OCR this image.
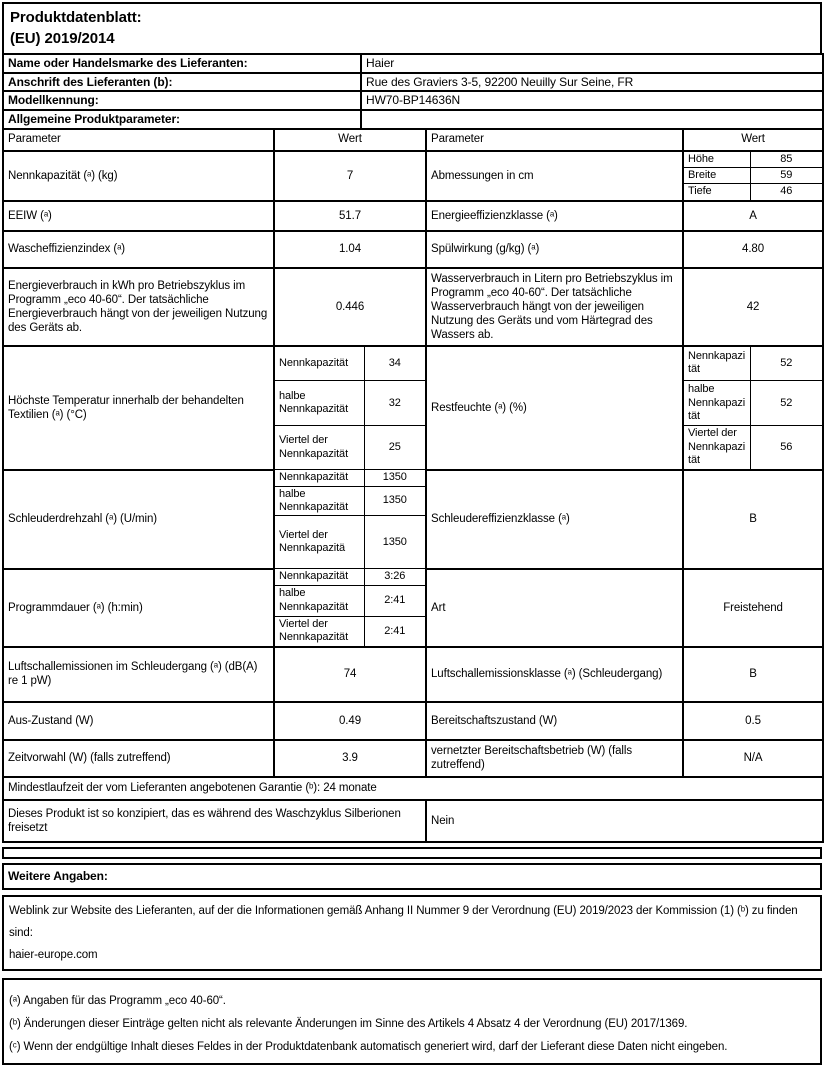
Produktdatenblatt:
(EU) 2019/2014
Name oder Handelsmarke des Lieferanten:	Haier
Anschrift des Lieferanten (b):	Rue des Graviers 3-5, 92200 Neuilly Sur Seine, FR
Modellkennung:	HW70-BP14636N
Allgemeine Produktparameter:	
Parameter	Wert		Parameter	Wert	
Nennkapazität (ᵃ) (kg)	7		Abmessungen in cm	Höhe	85
				Breite	59
				Tiefe	46
EEIW (ᵃ)	51.7		Energieeffizienzklasse (ᵃ)	A	
Wascheffizienzindex (ᵃ)	1.04		Spülwirkung (g/kg) (ᵃ)	4.80	
Energieverbrauch in kWh pro Betriebszyklus im Programm „eco 40-60“. Der tatsächliche Energieverbrauch hängt von der jeweiligen Nutzung des Geräts ab.	0.446		Wasserverbrauch in Litern pro Betriebszyklus im Programm „eco 40-60“. Der tatsächliche Wasserverbrauch hängt von der jeweiligen Nutzung des Geräts und vom Härtegrad des Wassers ab.	42	
Höchste Temperatur innerhalb der behandelten Textilien (ᵃ) (°C)	Nennkapazität	34	Restfeuchte (ᵃ) (%)	Nennkapazität	52
	halbe Nennkapazität	32		halbe Nennkapazität	52
	Viertel der Nennkapazität	25		Viertel der Nennkapazität	56
Schleuderdrehzahl (ᵃ) (U/min)	Nennkapazität	1350	Schleudereffizienzklasse (ᵃ)	B	
	halbe Nennkapazität	1350			
	Viertel der Nennkapazitä	1350			
Programmdauer (ᵃ) (h:min)	Nennkapazität	3:26	Art	Freistehend	
	halbe Nennkapazität	2:41			
	Viertel der Nennkapazität	2:41			
Luftschallemissionen im Schleudergang (ᵃ) (dB(A) re 1 pW)	74		Luftschallemissionsklasse (ᵃ) (Schleudergang)	B	
Aus-Zustand (W)	0.49		Bereitschaftszustand (W)	0.5	
Zeitvorwahl (W) (falls zutreffend)	3.9		vernetzter Bereitschaftsbetrieb (W) (falls zutreffend)	N/A	
Mindestlaufzeit der vom Lieferanten angebotenen Garantie (ᵇ): 24 monate					
Dieses Produkt ist so konzipiert, das es während des Waschzyklus Silberionen freisetzt			Nein		
Weitere Angaben:
Weblink zur Website des Lieferanten, auf der die Informationen gemäß Anhang II Nummer 9 der Verordnung (EU) 2019/2023 der Kommission (1) (ᵇ) zu finden sind:
haier-europe.com
(ᵃ) Angaben für das Programm „eco 40-60“.
(ᵇ) Änderungen dieser Einträge gelten nicht als relevante Änderungen im Sinne des Artikels 4 Absatz 4 der Verordnung (EU) 2017/1369.
(ᶜ) Wenn der endgültige Inhalt dieses Feldes in der Produktdatenbank automatisch generiert wird, darf der Lieferant diese Daten nicht eingeben.
